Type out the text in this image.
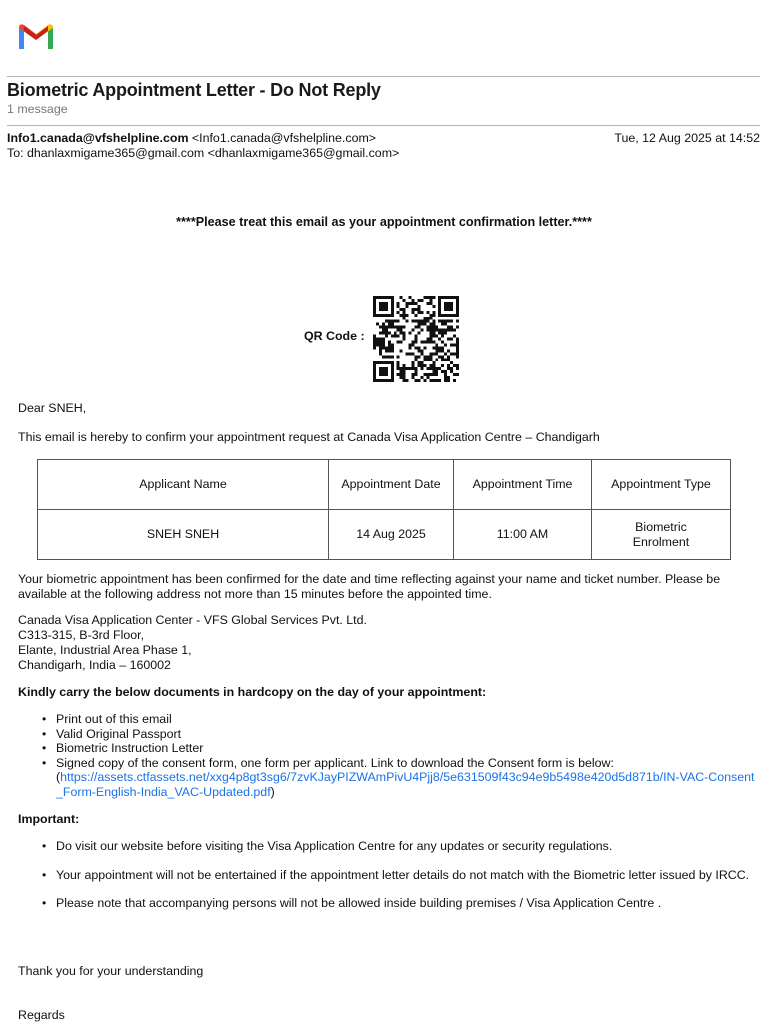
Biometric Appointment Letter - Do Not Reply
1 message
Info1.canada@vfshelpline.com <Info1.canada@vfshelpline.com>	Tue, 12 Aug 2025 at 14:52
To: dhanlaxmigame365@gmail.com <dhanlaxmigame365@gmail.com>
****Please treat this email as your appointment confirmation letter.****
QR Code :
Dear SNEH,
This email is hereby to confirm your appointment request at Canada Visa Application Centre – Chandigarh
Applicant Name	Appointment Date	Appointment Time	Appointment Type
SNEH SNEH	14 Aug 2025	11:00 AM	Biometric Enrolment
Your biometric appointment has been confirmed for the date and time reflecting against your name and ticket number. Please be available at the following address not more than 15 minutes before the appointed time.
Canada Visa Application Center - VFS Global Services Pvt. Ltd.
C313-315, B-3rd Floor,
Elante, Industrial Area Phase 1,
Chandigarh, India – 160002
Kindly carry the below documents in hardcopy on the day of your appointment:
• Print out of this email
• Valid Original Passport
• Biometric Instruction Letter
• Signed copy of the consent form, one form per applicant. Link to download the Consent form is below:
(https://assets.ctfassets.net/xxg4p8gt3sg6/7zvKJayPIZWAmPivU4Pjj8/5e631509f43c94e9b5498e420d5d871b/IN-VAC-Consent_Form-English-India_VAC-Updated.pdf)
Important:
• Do visit our website before visiting the Visa Application Centre for any updates or security regulations.
• Your appointment will not be entertained if the appointment letter details do not match with the Biometric letter issued by IRCC.
• Please note that accompanying persons will not be allowed inside building premises / Visa Application Centre .
Thank you for your understanding
Regards
